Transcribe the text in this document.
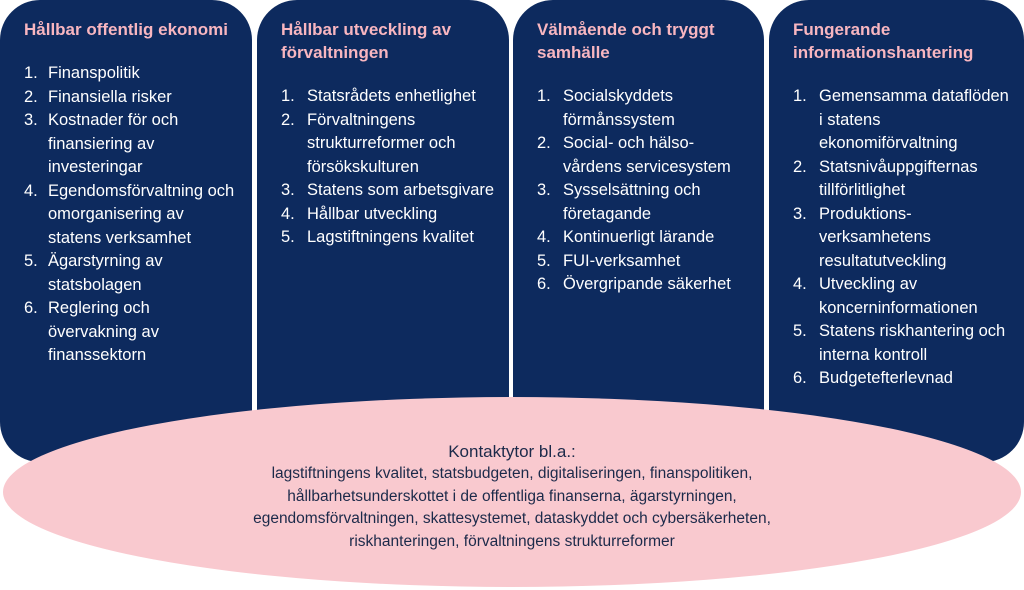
Hållbar offentlig ekonomi
1. Finanspolitik
2. Finansiella risker
3. Kostnader för och finansiering av investeringar
4. Egendomsförvaltning och omorganisering av statens verksamhet
5. Ägarstyrning av statsbolagen
6. Reglering och övervakning av finanssektorn
Hållbar utveckling av förvaltningen
1. Statsrådets enhetlighet
2. Förvaltningens strukturreformer och försökskulturen
3. Statens som arbetsgivare
4. Hållbar utveckling
5. Lagstiftningens kvalitet
Välmående och tryggt samhälle
1. Socialskyddets förmånssystem
2. Social- och hälso- vårdens servicesystem
3. Sysselsättning och företagande
4. Kontinuerligt lärande
5. FUI-verksamhet
6. Övergripande säkerhet
Fungerande informationshantering
1. Gemensamma dataflöden i statens ekonomiförvaltning
2. Statsnivåuppgifternas tillförlitlighet
3. Produktions- verksamhetens resultatutveckling
4. Utveckling av koncerninformationen
5. Statens riskhantering och interna kontroll
6. Budgetefterlevnad
Kontaktytor bl.a.:
lagstiftningens kvalitet, statsbudgeten, digitaliseringen, finanspolitiken,
hållbarhetsunderskottet i de offentliga finanserna, ägarstyrningen,
egendomsförvaltningen, skattesystemet, dataskyddet och cybersäkerheten,
riskhanteringen, förvaltningens strukturreformer
